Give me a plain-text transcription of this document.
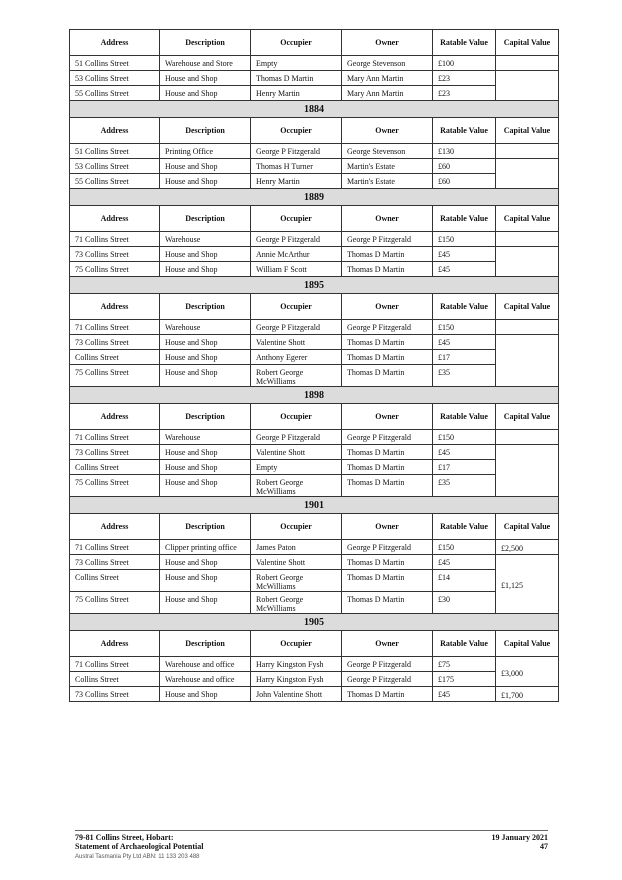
Address	Description	Occupier	Owner	Ratable Value	Capital Value
51 Collins Street	Warehouse and Store	Empty	George Stevenson	£100	
53 Collins Street	House and Shop	Thomas D Martin	Mary Ann Martin	£23	
55 Collins Street	House and Shop	Henry Martin	Mary Ann Martin	£23	
1884					
Address	Description	Occupier	Owner	Ratable Value	Capital Value
51 Collins Street	Printing Office	George P Fitzgerald	George Stevenson	£130	
53 Collins Street	House and Shop	Thomas H Turner	Martin's Estate	£60	
55 Collins Street	House and Shop	Henry Martin	Martin's Estate	£60	
1889					
Address	Description	Occupier	Owner	Ratable Value	Capital Value
71 Collins Street	Warehouse	George P Fitzgerald	George P Fitzgerald	£150	
73 Collins Street	House and Shop	Annie McArthur	Thomas D Martin	£45	
75 Collins Street	House and Shop	William F Scott	Thomas D Martin	£45	
1895					
Address	Description	Occupier	Owner	Ratable Value	Capital Value
71 Collins Street	Warehouse	George P Fitzgerald	George P Fitzgerald	£150	
73 Collins Street	House and Shop	Valentine Shott	Thomas D Martin	£45	
Collins Street	House and Shop	Anthony Egerer	Thomas D Martin	£17	
75 Collins Street	House and Shop	Robert George McWilliams	Thomas D Martin	£35	
1898					
Address	Description	Occupier	Owner	Ratable Value	Capital Value
71 Collins Street	Warehouse	George P Fitzgerald	George P Fitzgerald	£150	
73 Collins Street	House and Shop	Valentine Shott	Thomas D Martin	£45	
Collins Street	House and Shop	Empty	Thomas D Martin	£17	
75 Collins Street	House and Shop	Robert George McWilliams	Thomas D Martin	£35	
1901					
Address	Description	Occupier	Owner	Ratable Value	Capital Value
71 Collins Street	Clipper printing office	James Paton	George P Fitzgerald	£150	£2,500
73 Collins Street	House and Shop	Valentine Shott	Thomas D Martin	£45	£1,125
Collins Street	House and Shop	Robert George McWilliams	Thomas D Martin	£14	
75 Collins Street	House and Shop	Robert George McWilliams	Thomas D Martin	£30	
1905					
Address	Description	Occupier	Owner	Ratable Value	Capital Value
71 Collins Street	Warehouse and office	Harry Kingston Fysh	George P Fitzgerald	£75	£3,000
Collins Street	Warehouse and office	Harry Kingston Fysh	George P Fitzgerald	£175	
73 Collins Street	House and Shop	John Valentine Shott	Thomas D Martin	£45	£1,700
79-81 Collins Street, Hobart:
Statement of Archaeological Potential
Austral Tasmania Pty Ltd ABN: 11 133 203 488
19 January 2021
47
